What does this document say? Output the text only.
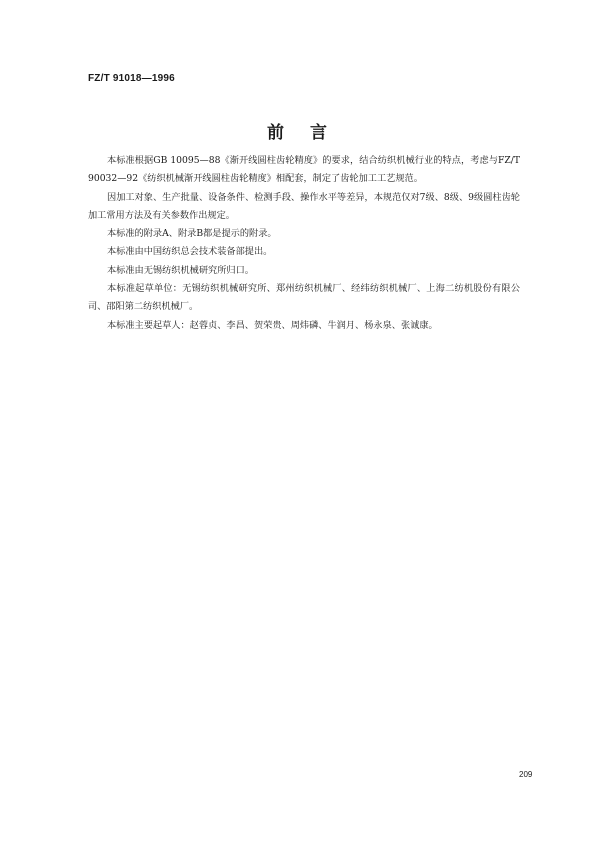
FZ/T 91018—1996
前言

本标准根据GB 10095—88《渐开线圆柱齿轮精度》的要求，结合纺织机械行业的特点，考虑与FZ/T 90032—92《纺织机械渐开线圆柱齿轮精度》相配套，制定了齿轮加工工艺规范。

因加工对象、生产批量、设备条件、检测手段、操作水平等差异，本规范仅对7级、8级、9级圆柱齿轮加工常用方法及有关参数作出规定。

本标准的附录A、附录B都是提示的附录。

本标准由中国纺织总会技术装备部提出。

本标准由无锡纺织机械研究所归口。

本标准起草单位：无锡纺织机械研究所、郑州纺织机械厂、经纬纺织机械厂、上海二纺机股份有限公司、邵阳第二纺织机械厂。

本标准主要起草人：赵蓉贞、李昌、贺荣贵、周炜磷、牛润月、杨永泉、张诚康。

209
